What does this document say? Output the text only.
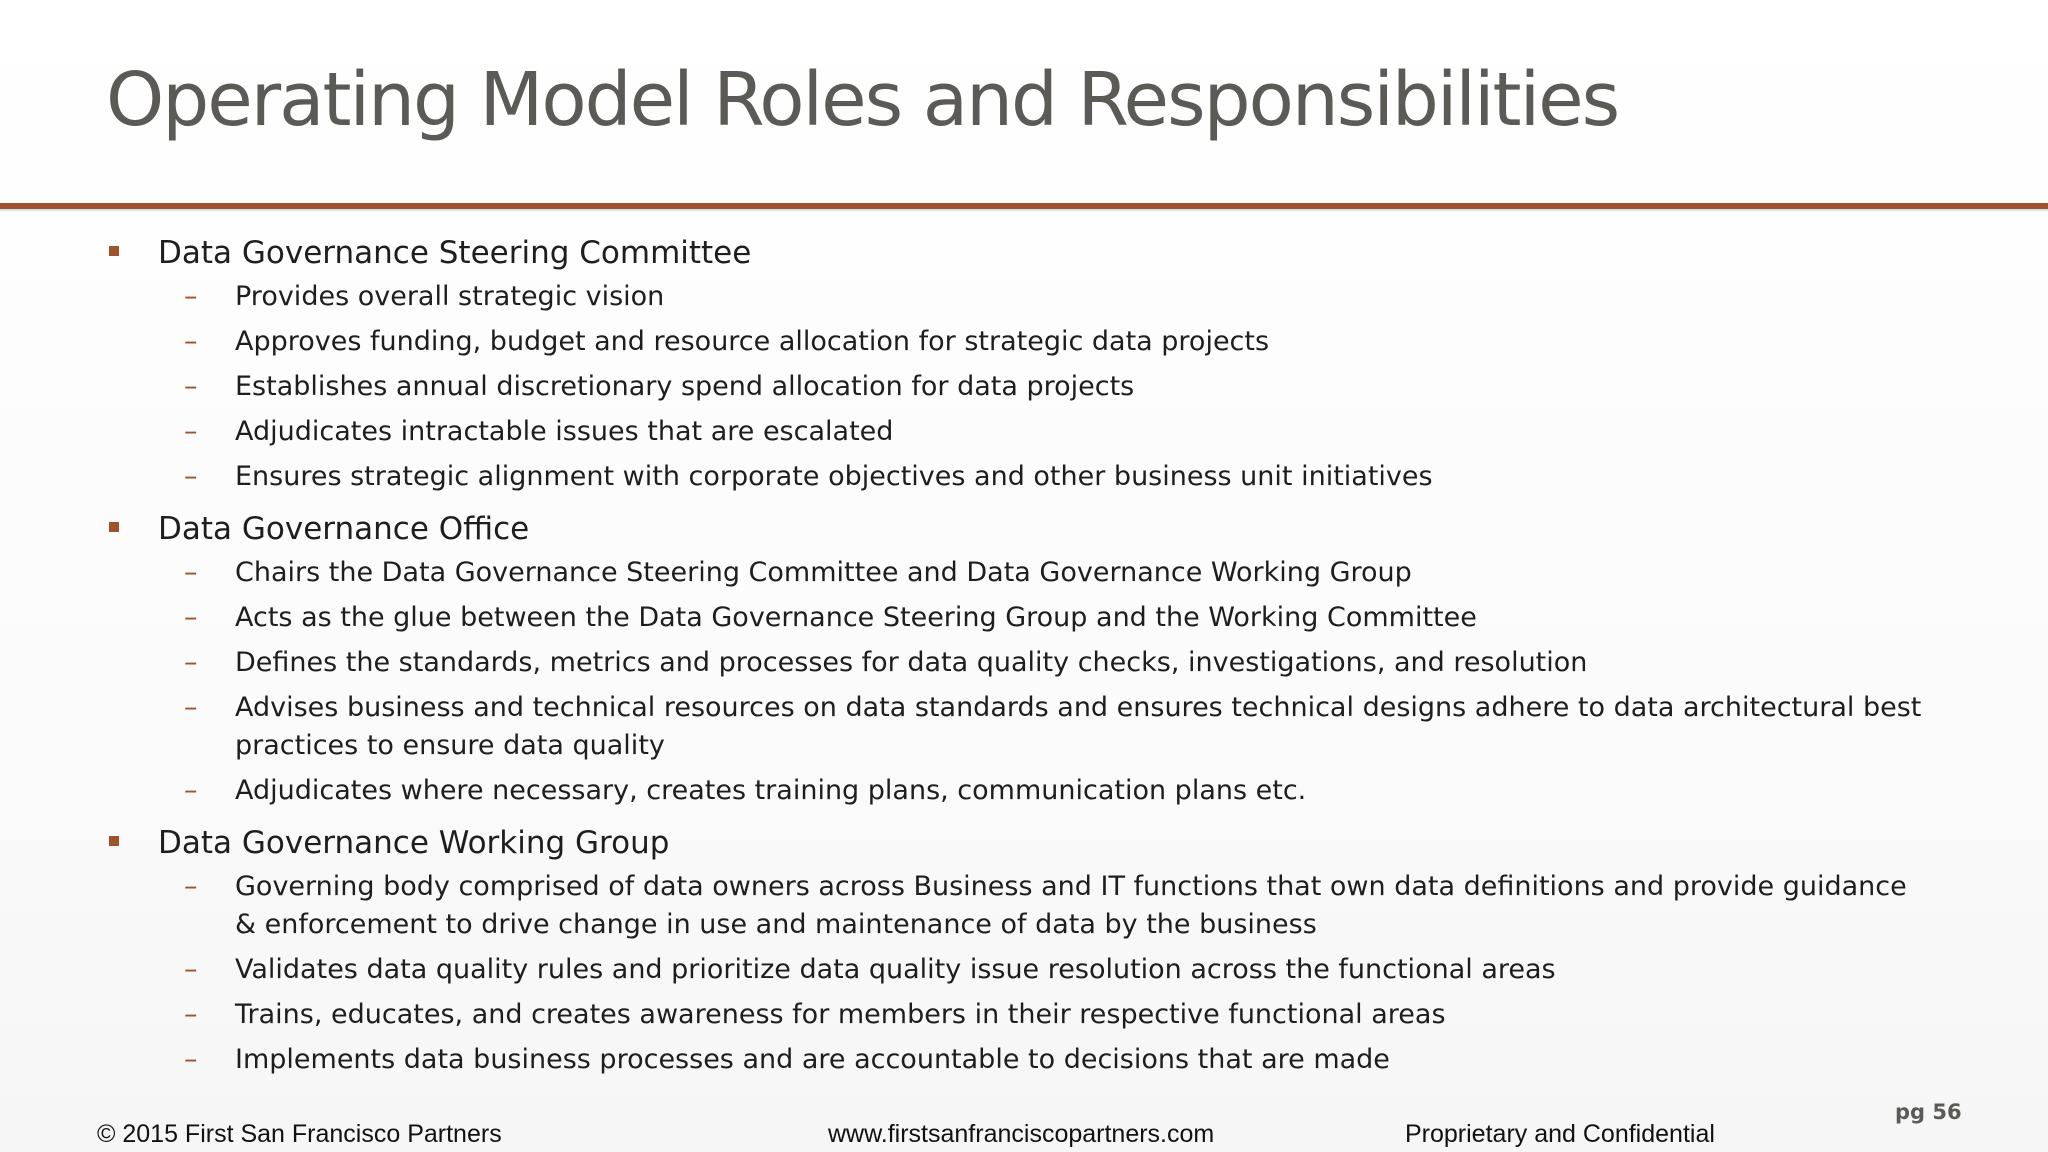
Operating Model Roles and Responsibilities
Data Governance Steering Committee
– Provides overall strategic vision
– Approves funding, budget and resource allocation for strategic data projects
– Establishes annual discretionary spend allocation for data projects
– Adjudicates intractable issues that are escalated
– Ensures strategic alignment with corporate objectives and other business unit initiatives
Data Governance Office
– Chairs the Data Governance Steering Committee and Data Governance Working Group
– Acts as the glue between the Data Governance Steering Group and the Working Committee
– Defines the standards, metrics and processes for data quality checks, investigations, and resolution
– Advises business and technical resources on data standards and ensures technical designs adhere to data architectural best practices to ensure data quality
– Adjudicates where necessary, creates training plans, communication plans etc.
Data Governance Working Group
– Governing body comprised of data owners across Business and IT functions that own data definitions and provide guidance & enforcement to drive change in use and maintenance of data by the business
– Validates data quality rules and prioritize data quality issue resolution across the functional areas
– Trains, educates, and creates awareness for members in their respective functional areas
– Implements data business processes and are accountable to decisions that are made
pg 56
© 2015 First San Francisco Partners	www.firstsanfranciscopartners.com	Proprietary and Confidential
